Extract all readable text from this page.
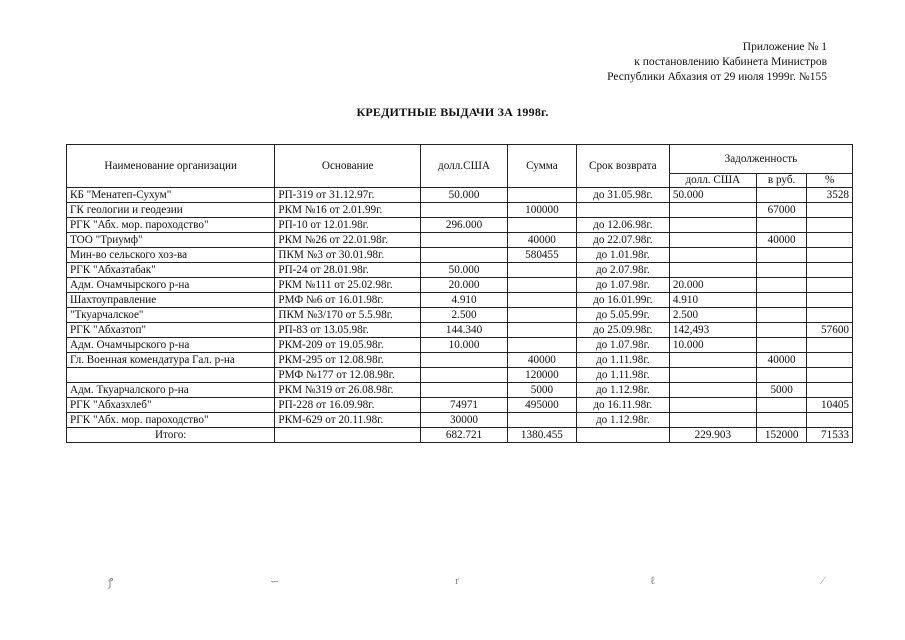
Приложение № 1
к постановлению Кабинета Министров
Республики Абхазия от 29 июля 1999г. №155
КРЕДИТНЫЕ ВЫДАЧИ ЗА 1998г.
Наименование организации	Основание	долл.США	Сумма	Срок возврата	Задолженность		
					долл. США	в руб.	%
КБ "Менатеп-Сухум"	РП-319 от 31.12.97г.	50.000		до 31.05.98г.	50.000		3528
ГК геологии и геодезии	РКМ №16 от 2.01.99г.		100000			67000	
РГК "Абх. мор. пароходство"	РП-10 от 12.01.98г.	296.000		до 12.06.98г.			
ТОО "Триумф"	РКМ №26 от 22.01.98г.		40000	до 22.07.98г.		40000	
Мин-во сельского хоз-ва	ПКМ №3 от 30.01.98г.		580455	до 1.01.98г.			
РГК "Абхазтабак"	РП-24 от 28.01.98г.	50.000		до 2.07.98г.			
Адм. Очамчырского р-на	РКМ №111 от 25.02.98г.	20.000		до 1.07.98г.	20.000		
Шахтоуправление	РМФ №6 от 16.01.98г.	4.910		до 16.01.99г.	4.910		
"Ткуарчалское"	ПКМ №3/170 от 5.5.98г.	2.500		до 5.05.99г.	2.500		
РГК "Абхазтоп"	РП-83 от 13.05.98г.	144.340		до 25.09.98г.	142,493		57600
Адм. Очамчырского р-на	РКМ-209 от 19.05.98г.	10.000		до 1.07.98г.	10.000		
Гл. Военная комендатура Гал. р-на	РКМ-295 от 12.08.98г.		40000	до 1.11.98г.		40000	
	РМФ №177 от 12.08.98г.		120000	до 1.11.98г.			
Адм. Ткуарчалского р-на	РКМ №319 от 26.08.98г.		5000	до 1.12.98г.		5000	
РГК "Абхазхлеб"	РП-228 от 16.09.98г.	74971	495000	до 16.11.98г.			10405
РГК "Абх. мор. пароходство"	РКМ-629 от 20.11.98г.	30000		до 1.12.98г.			
Итого:		682.721	1380.455		229.903	152000	71533
ꝭ	∽	ґ	ℓ	∕
